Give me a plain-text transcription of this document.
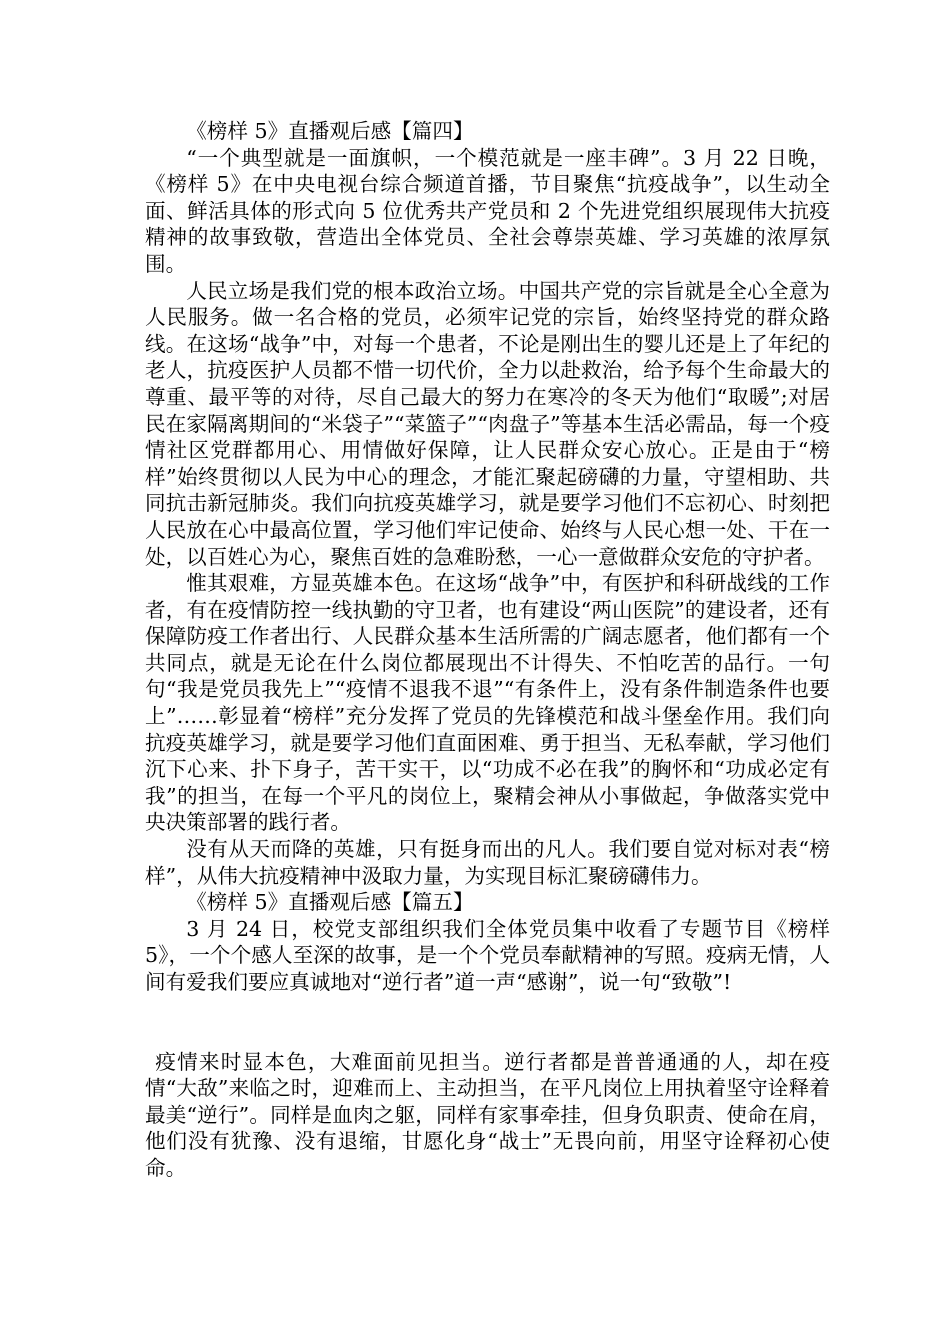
《榜样 5》直播观后感【篇四】

“一个典型就是一面旗帜，一个模范就是一座丰碑”。3 月 22 日晚，《榜样 5》在中央电视台综合频道首播，节目聚焦“抗疫战争”，以生动全面、鲜活具体的形式向 5 位优秀共产党员和 2 个先进党组织展现伟大抗疫精神的故事致敬，营造出全体党员、全社会尊崇英雄、学习英雄的浓厚氛围。

人民立场是我们党的根本政治立场。中国共产党的宗旨就是全心全意为人民服务。做一名合格的党员，必须牢记党的宗旨，始终坚持党的群众路线。在这场“战争”中，对每一个患者，不论是刚出生的婴儿还是上了年纪的老人，抗疫医护人员都不惜一切代价，全力以赴救治，给予每个生命最大的尊重、最平等的对待，尽自己最大的努力在寒冷的冬天为他们“取暖”;对居民在家隔离期间的“米袋子”“菜篮子”“肉盘子”等基本生活必需品，每一个疫情社区党群都用心、用情做好保障，让人民群众安心放心。正是由于“榜样”始终贯彻以人民为中心的理念，才能汇聚起磅礴的力量，守望相助、共同抗击新冠肺炎。我们向抗疫英雄学习，就是要学习他们不忘初心、时刻把人民放在心中最高位置，学习他们牢记使命、始终与人民心想一处、干在一处，以百姓心为心，聚焦百姓的急难盼愁，一心一意做群众安危的守护者。

惟其艰难，方显英雄本色。在这场“战争”中，有医护和科研战线的工作者，有在疫情防控一线执勤的守卫者，也有建设“两山医院”的建设者，还有保障防疫工作者出行、人民群众基本生活所需的广阔志愿者，他们都有一个共同点，就是无论在什么岗位都展现出不计得失、不怕吃苦的品行。一句句“我是党员我先上”“疫情不退我不退”“有条件上，没有条件制造条件也要上”……彰显着“榜样”充分发挥了党员的先锋模范和战斗堡垒作用。我们向抗疫英雄学习，就是要学习他们直面困难、勇于担当、无私奉献，学习他们沉下心来、扑下身子，苦干实干，以“功成不必在我”的胸怀和“功成必定有我”的担当，在每一个平凡的岗位上，聚精会神从小事做起，争做落实党中央决策部署的践行者。

没有从天而降的英雄，只有挺身而出的凡人。我们要自觉对标对表“榜样”，从伟大抗疫精神中汲取力量，为实现目标汇聚磅礴伟力。

《榜样 5》直播观后感【篇五】

3 月 24 日，校党支部组织我们全体党员集中收看了专题节目《榜样 5》，一个个感人至深的故事，是一个个党员奉献精神的写照。疫病无情，人间有爱我们要应真诚地对“逆行者”道一声“感谢”，说一句“致敬”!

疫情来时显本色，大难面前见担当。逆行者都是普普通通的人，却在疫情“大敌”来临之时，迎难而上、主动担当，在平凡岗位上用执着坚守诠释着最美“逆行”。同样是血肉之躯，同样有家事牵挂，但身负职责、使命在肩，他们没有犹豫、没有退缩，甘愿化身“战士”无畏向前，用坚守诠释初心使命。
